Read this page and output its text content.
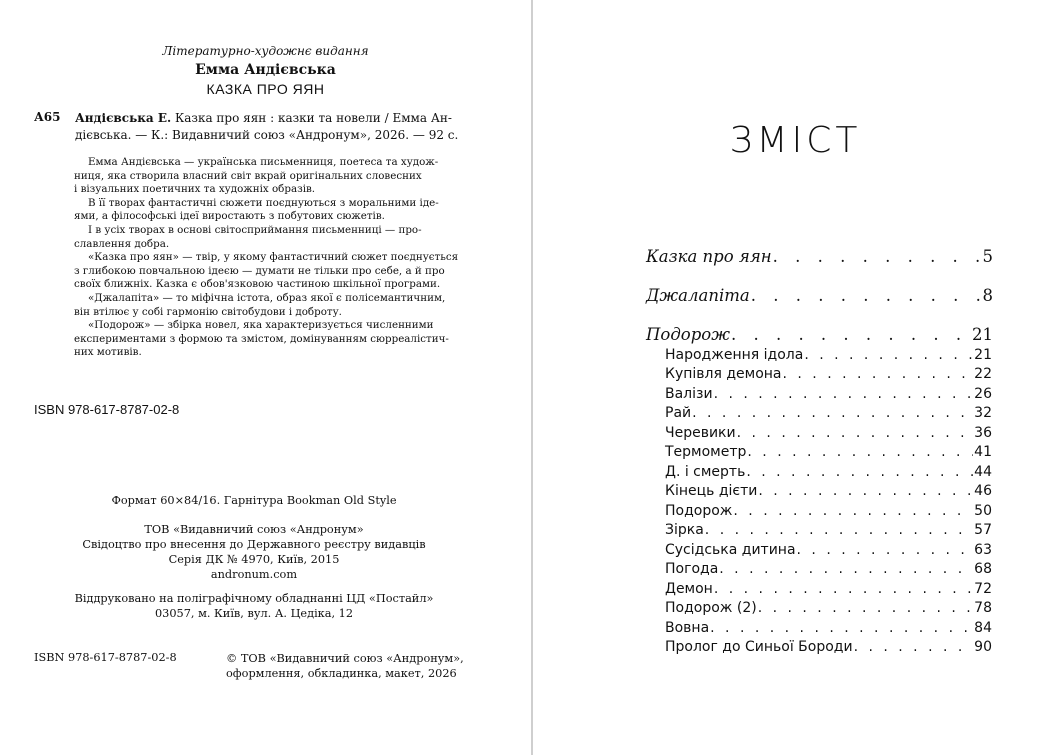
Літературно-художнє видання
Емма Андієвська
КАЗКА ПРО ЯЯН
А65 Андієвська Е. Казка про яян : казки та новели / Емма Ан-
дієвська. — К.: Видавничий союз «Андронум», 2026. — 92 с.
Емма Андієвська — українська письменниця, поетеса та худож-
ниця, яка створила власний світ вкрай оригінальних словесних
і візуальних поетичних та художніх образів.
В її творах фантастичні сюжети поєднуються з моральними іде-
ями, а філософські ідеї виростають з побутових сюжетів.
І в усіх творах в основі світосприймання письменниці — про-
славлення добра.
«Казка про яян» — твір, у якому фантастичний сюжет поєднується
з глибокою повчальною ідеєю — думати не тільки про себе, а й про
своїх ближніх. Казка є обов'язковою частиною шкільної програми.
«Джалапіта» — то міфічна істота, образ якої є полісемантичним,
він втілює у собі гармонію світобудови і доброту.
«Подорож» — збірка новел, яка характеризується численними
експериментами з формою та змістом, домінуванням сюрреалістич-
них мотивів.
ISBN 978-617-8787-02-8
Формат 60×84/16. Гарнітура Bookman Old Style
ТОВ «Видавничий союз «Андронум»
Свідоцтво про внесення до Державного реєстру видавців
Серія ДК № 4970, Київ, 2015
andronum.com
Віддруковано на поліграфічному обладнанні ЦД «Постайл»
03057, м. Київ, вул. А. Цедіка, 12
ISBN 978-617-8787-02-8	© ТОВ «Видавничий союз «Андронум»,
оформлення, обкладинка, макет, 2026
ЗМІСТ
Казка про яян . . .	5
Джалапіта . . .	8
Подорож . . .	21
Народження ідола . . .	21
Купівля демона . . .	22
Валізи . . .	26
Рай . . .	32
Черевики . . .	36
Термометр . . .	41
Д. і смерть . . .	44
Кінець дієти . . .	46
Подорож . . .	50
Зірка . . .	57
Сусідська дитина . . .	63
Погода . . .	68
Демон . . .	72
Подорож (2) . . .	78
Вовна . . .	84
Пролог до Синьої Бороди . . .	90
